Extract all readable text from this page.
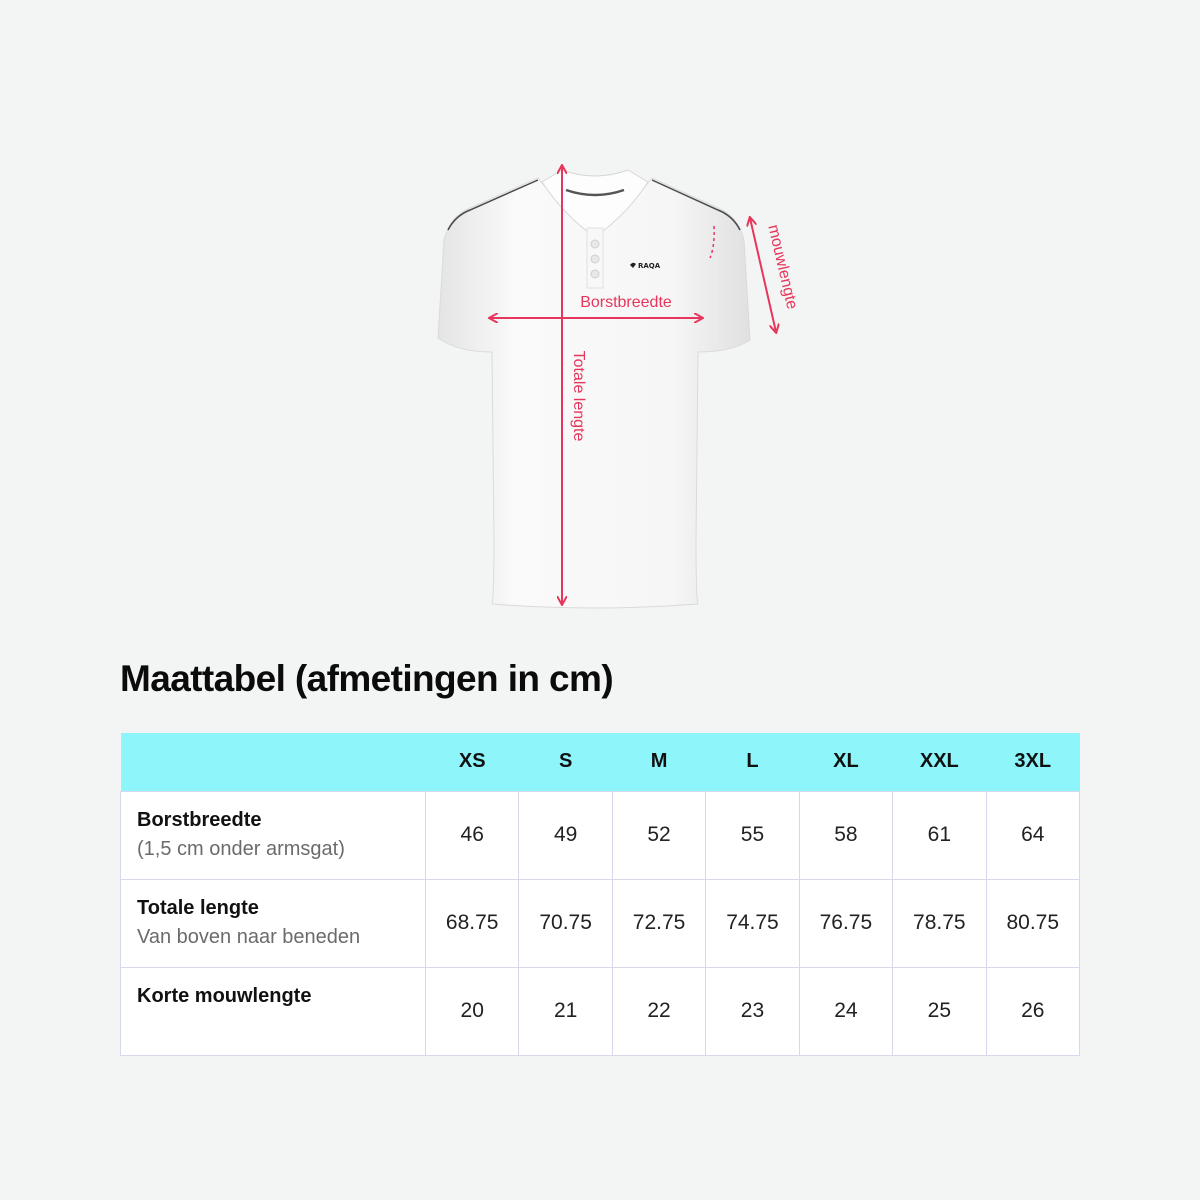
RAQA
Borstbreedte
Totale lengte
mouwlengte
Maattabel (afmetingen in cm)
	XS	S	M	L	XL	XXL	3XL

Borstbreedte
(1,5 cm onder armsgat)	46	49	52	55	58	61	64

Totale lengte
Van boven naar beneden	68.75	70.75	72.75	74.75	76.75	78.75	80.75

Korte mouwlengte	20	21	22	23	24	25	26
